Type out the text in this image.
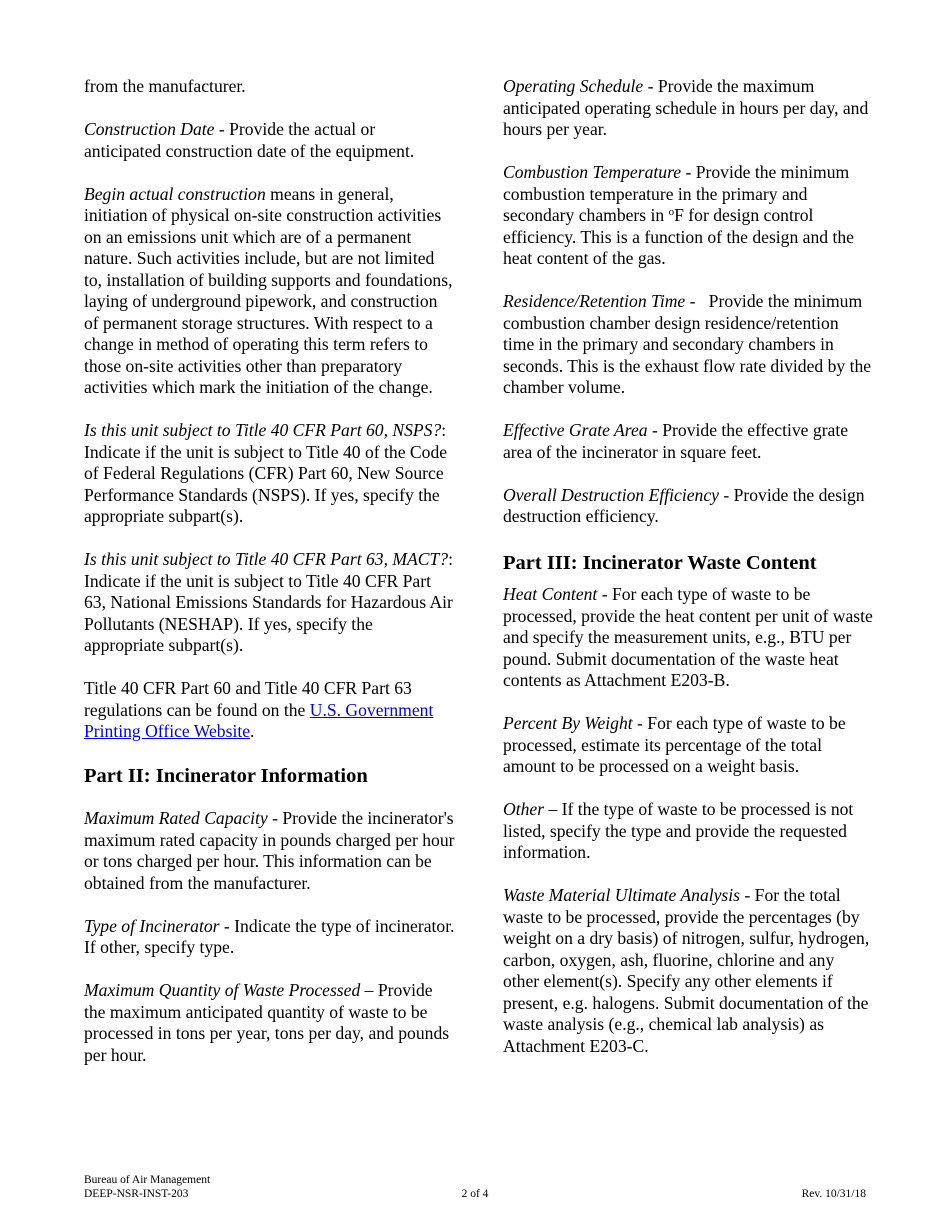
from the manufacturer.

Construction Date - Provide the actual or anticipated construction date of the equipment.

Begin actual construction means in general, initiation of physical on-site construction activities on an emissions unit which are of a permanent nature. Such activities include, but are not limited to, installation of building supports and foundations, laying of underground pipework, and construction of permanent storage structures. With respect to a change in method of operating this term refers to those on-site activities other than preparatory activities which mark the initiation of the change.

Is this unit subject to Title 40 CFR Part 60, NSPS?: Indicate if the unit is subject to Title 40 of the Code of Federal Regulations (CFR) Part 60, New Source Performance Standards (NSPS). If yes, specify the appropriate subpart(s).

Is this unit subject to Title 40 CFR Part 63, MACT?: Indicate if the unit is subject to Title 40 CFR Part 63, National Emissions Standards for Hazardous Air Pollutants (NESHAP). If yes, specify the appropriate subpart(s).

Title 40 CFR Part 60 and Title 40 CFR Part 63 regulations can be found on the U.S. Government Printing Office Website.

Part II: Incinerator Information

Maximum Rated Capacity - Provide the incinerator's maximum rated capacity in pounds charged per hour or tons charged per hour. This information can be obtained from the manufacturer.

Type of Incinerator - Indicate the type of incinerator. If other, specify type.

Maximum Quantity of Waste Processed – Provide the maximum anticipated quantity of waste to be processed in tons per year, tons per day, and pounds per hour.

Operating Schedule - Provide the maximum anticipated operating schedule in hours per day, and hours per year.

Combustion Temperature - Provide the minimum combustion temperature in the primary and secondary chambers in $^o$F for design control efficiency. This is a function of the design and the heat content of the gas.

Residence/Retention Time -   Provide the minimum combustion chamber design residence/retention time in the primary and secondary chambers in seconds. This is the exhaust flow rate divided by the chamber volume.

Effective Grate Area - Provide the effective grate area of the incinerator in square feet.

Overall Destruction Efficiency - Provide the design destruction efficiency.

Part III: Incinerator Waste Content

Heat Content - For each type of waste to be processed, provide the heat content per unit of waste and specify the measurement units, e.g., BTU per pound. Submit documentation of the waste heat contents as Attachment E203-B.

Percent By Weight - For each type of waste to be processed, estimate its percentage of the total amount to be processed on a weight basis.

Other – If the type of waste to be processed is not listed, specify the type and provide the requested information.

Waste Material Ultimate Analysis - For the total waste to be processed, provide the percentages (by weight on a dry basis) of nitrogen, sulfur, hydrogen, carbon, oxygen, ash, fluorine, chlorine and any other element(s). Specify any other elements if present, e.g. halogens. Submit documentation of the waste analysis (e.g., chemical lab analysis) as Attachment E203-C.

Bureau of Air Management
DEEP-NSR-INST-203	2 of 4	Rev. 10/31/18
